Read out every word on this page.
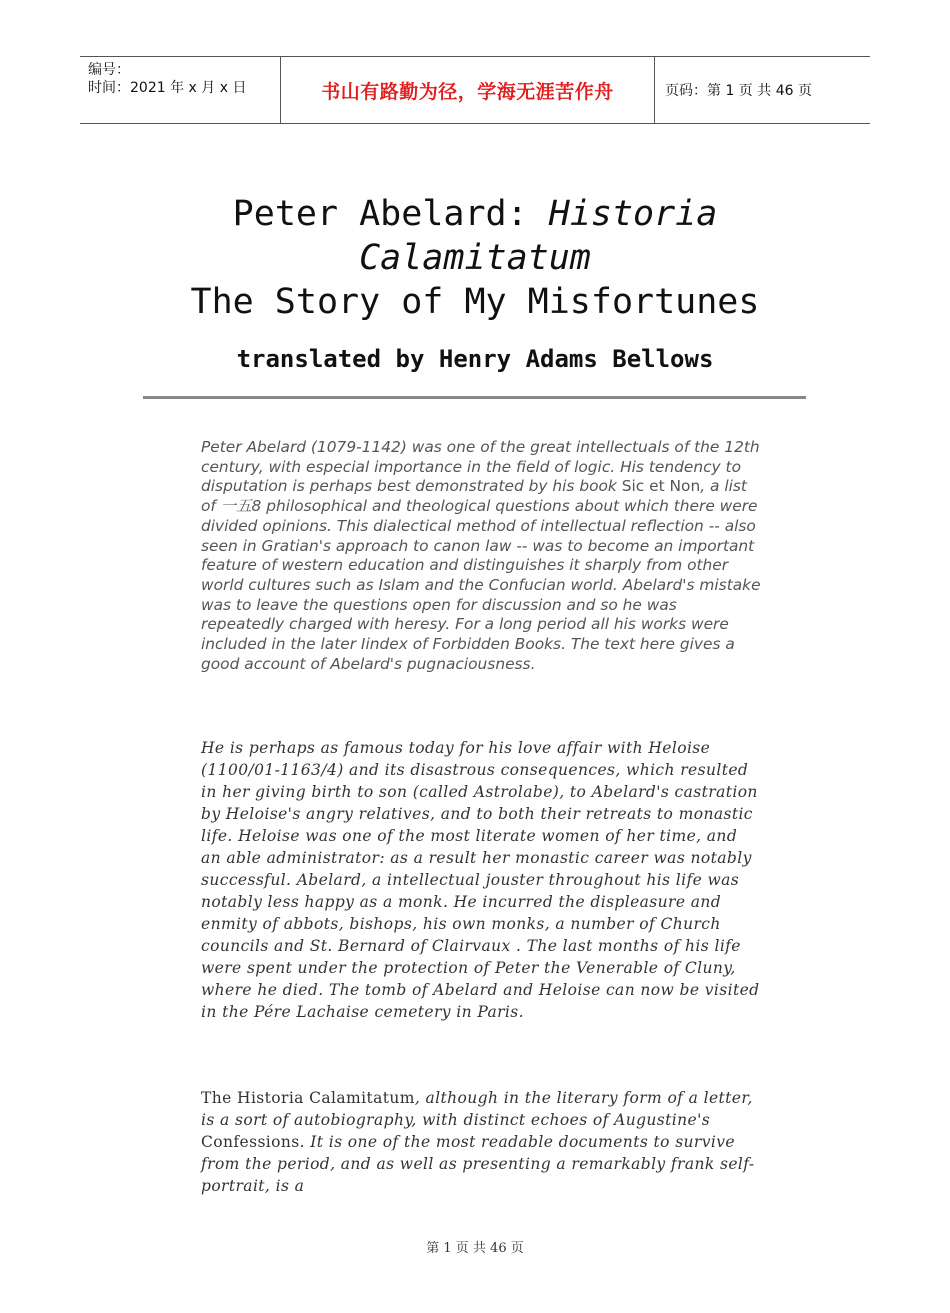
编号：
时间：2021 年 x 月 x 日	书山有路勤为径，学海无涯苦作舟	页码：第 1 页 共 46 页
Peter Abelard: Historia
Calamitatum
The Story of My Misfortunes
translated by Henry Adams Bellows
Peter Abelard (1079-1142) was one of the great intellectuals of the 12th century, with especial importance in the field of logic. His tendency to disputation is perhaps best demonstrated by his book Sic et Non, a list of 一五8 philosophical and theological questions about which there were divided opinions. This dialectical method of intellectual reflection -- also seen in Gratian's approach to canon law -- was to become an important feature of western education and distinguishes it sharply from other world cultures such as Islam and the Confucian world. Abelard's mistake was to leave the questions open for discussion and so he was repeatedly charged with heresy. For a long period all his works were included in the later Iindex of Forbidden Books. The text here gives a good account of Abelard's pugnaciousness.
He is perhaps as famous today for his love affair with Heloise (1100/01-1163/4) and its disastrous consequences, which resulted in her giving birth to son (called Astrolabe), to Abelard's castration by Heloise's angry relatives, and to both their retreats to monastic life. Heloise was one of the most literate women of her time, and an able administrator: as a result her monastic career was notably successful. Abelard, a intellectual jouster throughout his life was notably less happy as a monk. He incurred the displeasure and enmity of abbots, bishops, his own monks, a number of Church councils and St. Bernard of Clairvaux . The last months of his life were spent under the protection of Peter the Venerable of Cluny, where he died. The tomb of Abelard and Heloise can now be visited in the Pére Lachaise cemetery in Paris.
The Historia Calamitatum, although in the literary form of a letter, is a sort of autobiography, with distinct echoes of Augustine's Confessions. It is one of the most readable documents to survive from the period, and as well as presenting a remarkably frank self-portrait, is a
第 1 页 共 46 页
